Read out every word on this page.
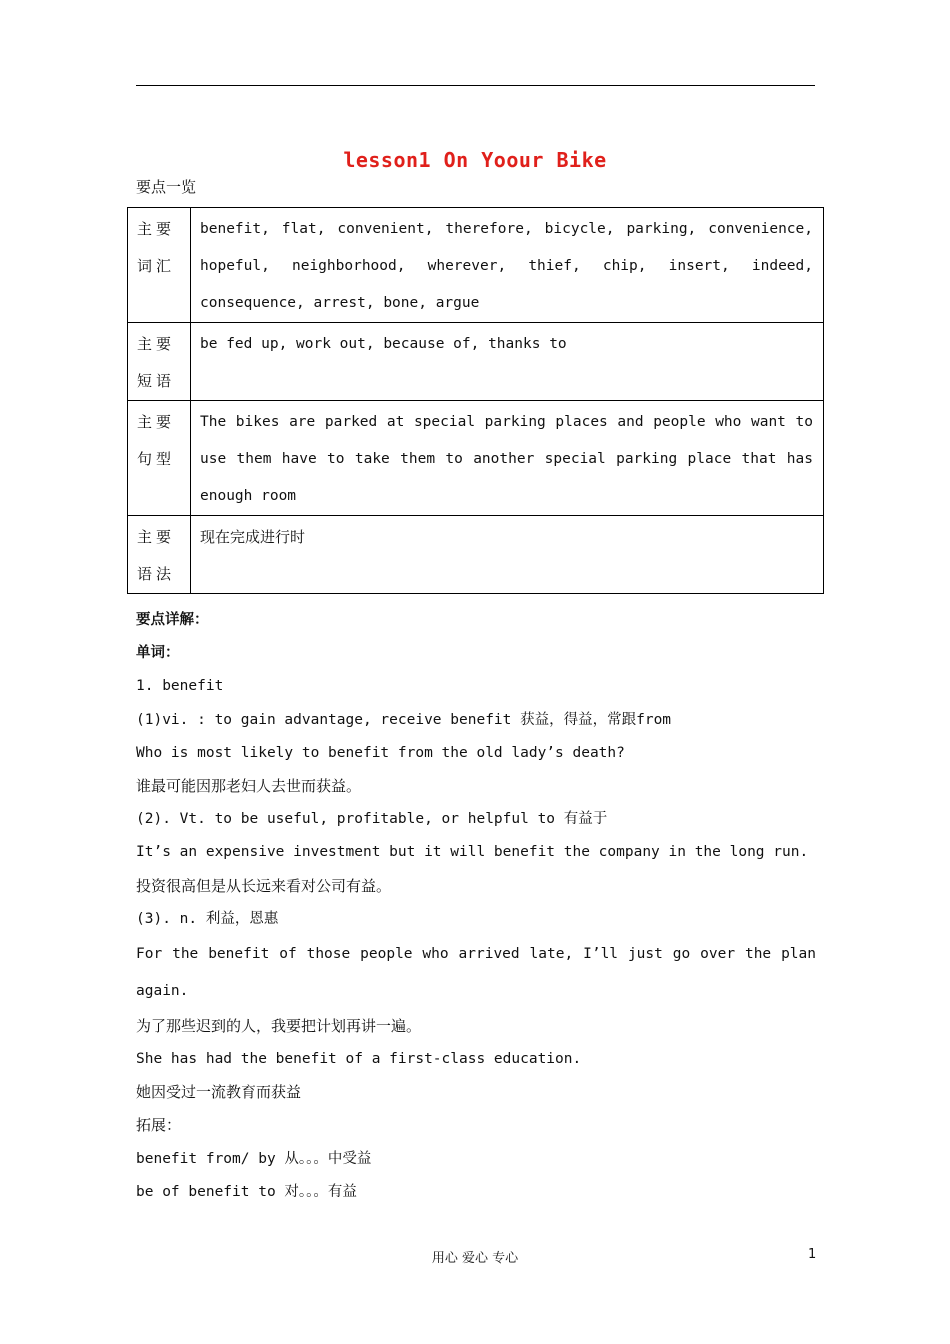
lesson1 On Yoour Bike
要点一览
主要
词汇	benefit, flat, convenient, therefore, bicycle, parking, convenience, hopeful, neighborhood, wherever, thief, chip, insert, indeed, consequence, arrest, bone, argue

主要
短语	be fed up, work out, because of, thanks to

主要
句型	The bikes are parked at special parking places and people who want to use them have to take them to another special parking place that has enough room

主要
语法	现在完成进行时
要点详解：
单词：
1. benefit
(1)vi. : to gain advantage, receive benefit 获益，得益，常跟from
Who is most likely to benefit from the old lady’s death?
谁最可能因那老妇人去世而获益。
(2). Vt. to be useful, profitable, or helpful to 有益于
It’s an expensive investment but it will benefit the company in the long run.
投资很高但是从长远来看对公司有益。
(3). n. 利益，恩惠
For the benefit of those people who arrived late, I’ll just go over the plan again.
为了那些迟到的人，我要把计划再讲一遍。
She has had the benefit of a first-class education.
她因受过一流教育而获益
拓展：
benefit from/ by 从。。。中受益
be of benefit to 对。。。有益
用心 爱心 专心	1
